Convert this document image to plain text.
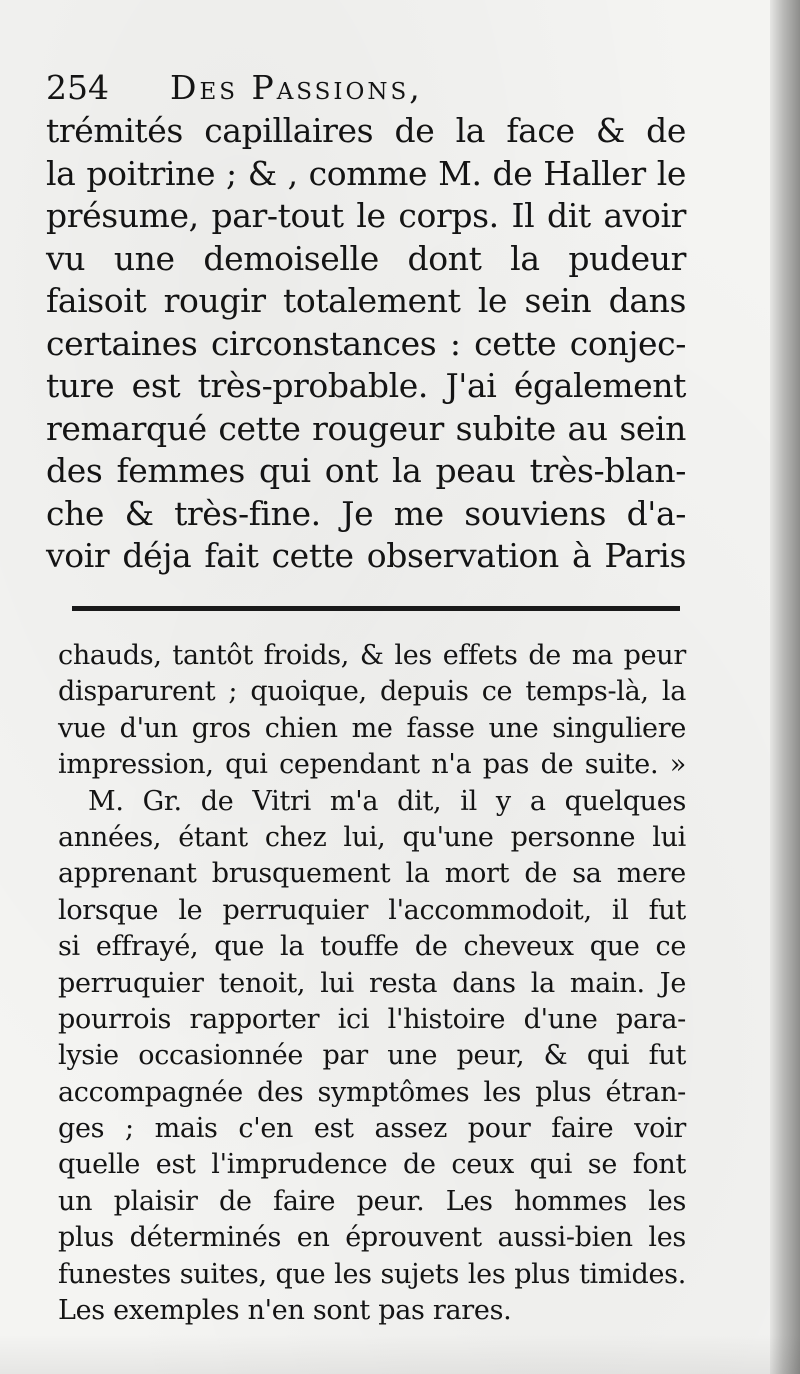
254 Des Passions,
trémités capillaires de la face & de
la poitrine ; & , comme M. de Haller le
présume, par-tout le corps. Il dit avoir
vu une demoiselle dont la pudeur
faisoit rougir totalement le sein dans
certaines circonstances : cette conjec-
ture est très-probable. J'ai également
remarqué cette rougeur subite au sein
des femmes qui ont la peau très-blan-
che & très-fine. Je me souviens d'a-
voir déja fait cette observation à Paris
chauds, tantôt froids, & les effets de ma peur
disparurent ; quoique, depuis ce temps-là, la
vue d'un gros chien me fasse une singuliere
impression, qui cependant n'a pas de suite. »
M. Gr. de Vitri m'a dit, il y a quelques
années, étant chez lui, qu'une personne lui
apprenant brusquement la mort de sa mere
lorsque le perruquier l'accommodoit, il fut
si effrayé, que la touffe de cheveux que ce
perruquier tenoit, lui resta dans la main. Je
pourrois rapporter ici l'histoire d'une para-
lysie occasionnée par une peur, & qui fut
accompagnée des symptômes les plus étran-
ges ; mais c'en est assez pour faire voir
quelle est l'imprudence de ceux qui se font
un plaisir de faire peur. Les hommes les
plus déterminés en éprouvent aussi-bien les
funestes suites, que les sujets les plus timides.
Les exemples n'en sont pas rares.
